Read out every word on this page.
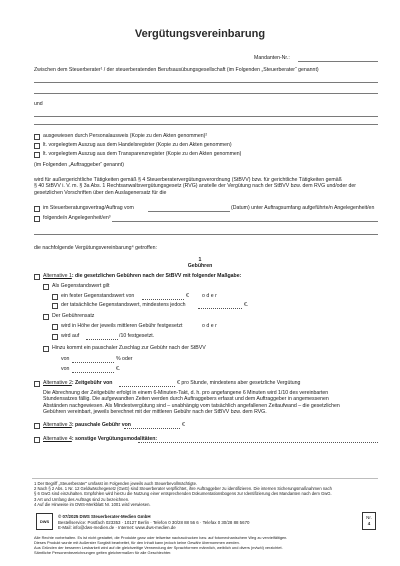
Vergütungsvereinbarung
Mandanten-Nr.:
Zwischen dem Steuerberater¹ / der steuerberatenden Berufsausübungsgesellschaft (im Folgenden „Steuerberater“ genannt)
und
ausgewiesen durch Personalausweis (Kopie zu den Akten genommen)²
lt. vorgelegtem Auszug aus dem Handelsregister (Kopie zu den Akten genommen)
lt. vorgelegtem Auszug aus dem Transparenzregister (Kopie zu den Akten genommen)
(im Folgenden „Auftraggeber“ genannt)
wird für außergerichtliche Tätigkeiten gemäß § 4 Steuerberatervergütungsverordnung (StBVV) bzw. für gerichtliche Tätigkeiten gemäß
§ 40 StBVV i. V. m. § 3a Abs. 1 Rechtsanwaltsvergütungsgesetz (RVG) anstelle der Vergütung nach der StBVV bzw. dem RVG und/oder der
gesetzlichen Vorschriften über den Auslagenersatz für die
im Steuerberatungsvertrag/Auftrag vom	(Datum) unter Auftragsumfang aufgeführte/n Angelegenheit/en
folgende/n Angelegenheit/en³
die nachfolgende Vergütungsvereinbarung⁴ getroffen:
1
Gebühren
Alternative 1: die gesetzlichen Gebühren nach der StBVV mit folgender Maßgabe:
Als Gegenstandswert gilt
ein fester Gegenstandswert von	€	oder
der tatsächliche Gegenstandswert, mindestens jedoch	€.
Der Gebührensatz
wird in Höhe der jeweils mittleren Gebühr festgesetzt	oder
wird auf	/10 festgesetzt.
Hinzu kommt ein pauschaler Zuschlag zur Gebühr nach der StBVV
von	% oder
von	€.
Alternative 2: Zeitgebühr von	€ pro Stunde, mindestens aber gesetzliche Vergütung
Die Abrechnung der Zeitgebühr erfolgt in einem 6-Minuten-Takt, d. h. pro angefangene 6 Minuten wird 1/10 des vereinbarten
Stundensatzes fällig. Die aufgewandten Zeiten werden durch Auftraggebers erfasst und dem Auftraggeber in angemessenen
Abständen nachgewiesen. Als Mindestvergütung sind – unabhängig vom tatsächlich angefallenen Zeitaufwand – die gesetzlichen
Gebühren vereinbart, jeweils berechnet mit der mittleren Gebühr nach der StBVV bzw. dem RVG.
Alternative 3: pauschale Gebühr von	€
Alternative 4: sonstige Vergütungsmodalitäten:
1 Der Begriff „Steuerberater“ umfasst im Folgenden jeweils auch Steuerbevollmächtigte.
2 Nach § 2 Abs. 1 Nr. 12 Geldwäschegesetz (GwG) sind Steuerberater verpflichtet, ihre Auftraggeber zu identifizieren. Die internen Sicherungsmaßnahmen nach
§ 6 GwG sind einzuhalten. Empfohlen wird hierzu die Nutzung einer entsprechenden Dokumentationsbogens zur Identifizierung des Mandanten nach dem GwG.
3 Art und Umfang des Auftrags sind zu bezeichnen.
4 Auf die Hinweise im DWS-Merkblatt Nr. 1001 wird verwiesen.
DWS
© 07/2025 DWS Steuerberater-Medien GmbH
Bestellservice: Postfach 023353 · 10127 Berlin · Telefon 0 30/28 88 56 6 · Telefax 0 30/28 88 5670
E-Mail: info@dws-medien.de · Internet: www.dws-medien.de
Nr.
4
Alle Rechte vorbehalten. Es ist nicht gestattet, die Produkte ganz oder teilweise nachzudrucken bzw. auf fotomechanischem Weg zu vervielfältigen.
Dieses Produkt wurde mit äußerster Sorgfalt bearbeitet, für den Inhalt kann jedoch keine Gewähr übernommen werden.
Aus Gründen der besseren Lesbarkeit wird auf die gleichzeitige Verwendung der Sprachformen männlich, weiblich und divers (m/w/d) verzichtet.
Sämtliche Personenbezeichnungen gelten gleichermaßen für alle Geschlechter.
